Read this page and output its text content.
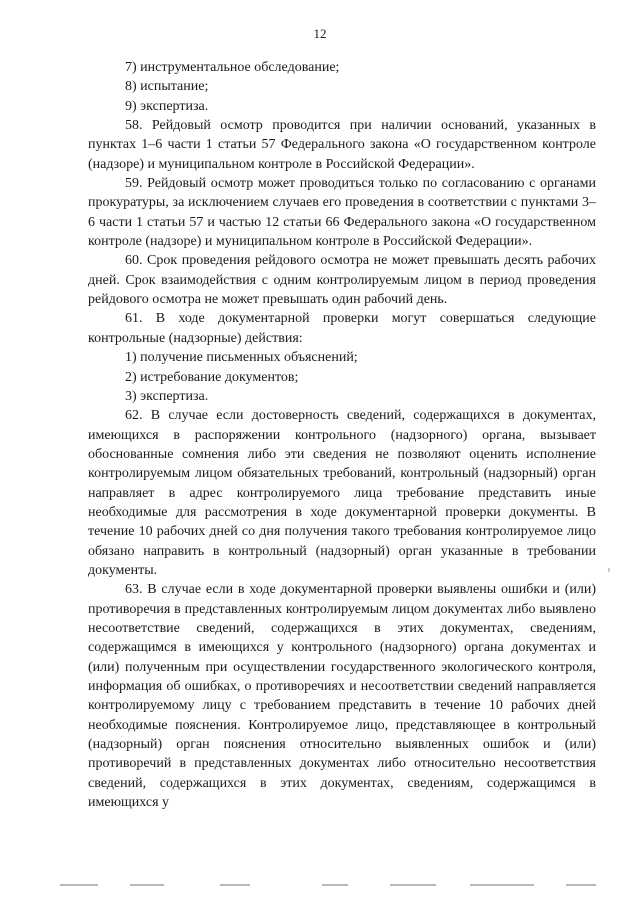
12

7) инструментальное обследование;

8) испытание;

9) экспертиза.

58. Рейдовый осмотр проводится при наличии оснований, указанных в пунктах 1–6 части 1 статьи 57 Федерального закона «О государственном контроле (надзоре) и муниципальном контроле в Российской Федерации».

59. Рейдовый осмотр может проводиться только по согласованию с органами прокуратуры, за исключением случаев его проведения в соответствии с пунктами 3–6 части 1 статьи 57 и частью 12 статьи 66 Федерального закона «О государственном контроле (надзоре) и муниципальном контроле в Российской Федерации».

60. Срок проведения рейдового осмотра не может превышать десять рабочих дней. Срок взаимодействия с одним контролируемым лицом в период проведения рейдового осмотра не может превышать один рабочий день.

61. В ходе документарной проверки могут совершаться следующие контрольные (надзорные) действия:

1) получение письменных объяснений;

2) истребование документов;

3) экспертиза.

62. В случае если достоверность сведений, содержащихся в документах, имеющихся в распоряжении контрольного (надзорного) органа, вызывает обоснованные сомнения либо эти сведения не позволяют оценить исполнение контролируемым лицом обязательных требований, контрольный (надзорный) орган направляет в адрес контролируемого лица требование представить иные необходимые для рассмотрения в ходе документарной проверки документы. В течение 10 рабочих дней со дня получения такого требования контролируемое лицо обязано направить в контрольный (надзорный) орган указанные в требовании документы.

63. В случае если в ходе документарной проверки выявлены ошибки и (или) противоречия в представленных контролируемым лицом документах либо выявлено несоответствие сведений, содержащихся в этих документах, сведениям, содержащимся в имеющихся у контрольного (надзорного) органа документах и (или) полученным при осуществлении государственного экологического контроля, информация об ошибках, о противоречиях и несоответствии сведений направляется контролируемому лицу с требованием представить в течение 10 рабочих дней необходимые пояснения. Контролируемое лицо, представляющее в контрольный (надзорный) орган пояснения относительно выявленных ошибок и (или) противоречий в представленных документах либо относительно несоответствия сведений, содержащихся в этих документах, сведениям, содержащимся в имеющихся у
